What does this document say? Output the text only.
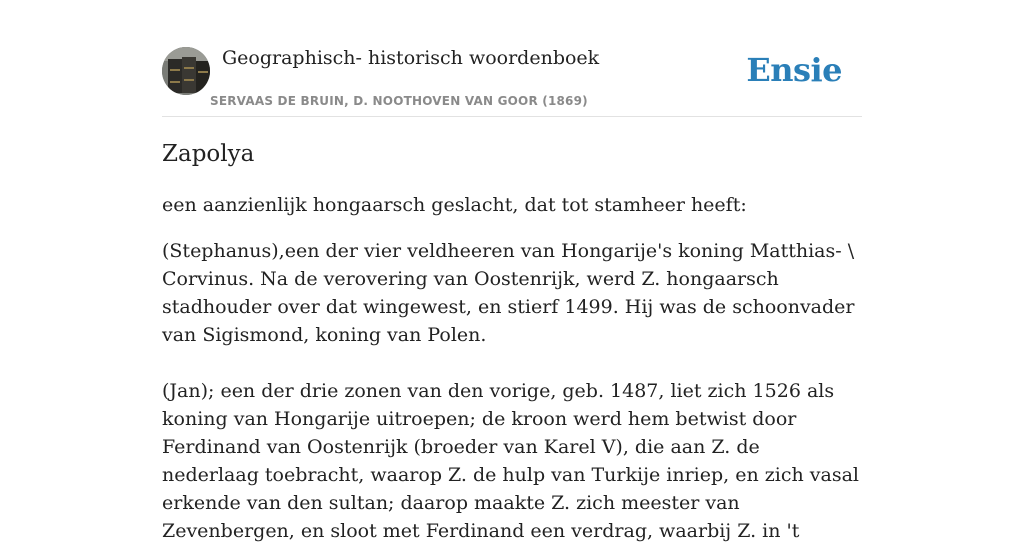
Geographisch- historisch woordenboek
SERVAAS DE BRUIN, D. NOOTHOVEN VAN GOOR (1869)
Ensie
Zapolya

een aanzienlijk hongaarsch geslacht, dat tot stamheer heeft:

(Stephanus),een der vier veldheeren van Hongarije's koning Matthias- \ Corvinus. Na de verovering van Oostenrijk, werd Z. hongaarsch stadhouder over dat wingewest, en stierf 1499. Hij was de schoonvader van Sigismond, koning van Polen.

(Jan); een der drie zonen van den vorige, geb. 1487, liet zich 1526 als koning van Hongarije uitroepen; de kroon werd hem betwist door Ferdinand van Oostenrijk (broeder van Karel V), die aan Z. de nederlaag toebracht, waarop Z. de hulp van Turkije inriep, en zich vasal erkende van den sultan; daarop maakte Z. zich meester van Zevenbergen, en sloot met Ferdinand een verdrag, waarbij Z. in 't
